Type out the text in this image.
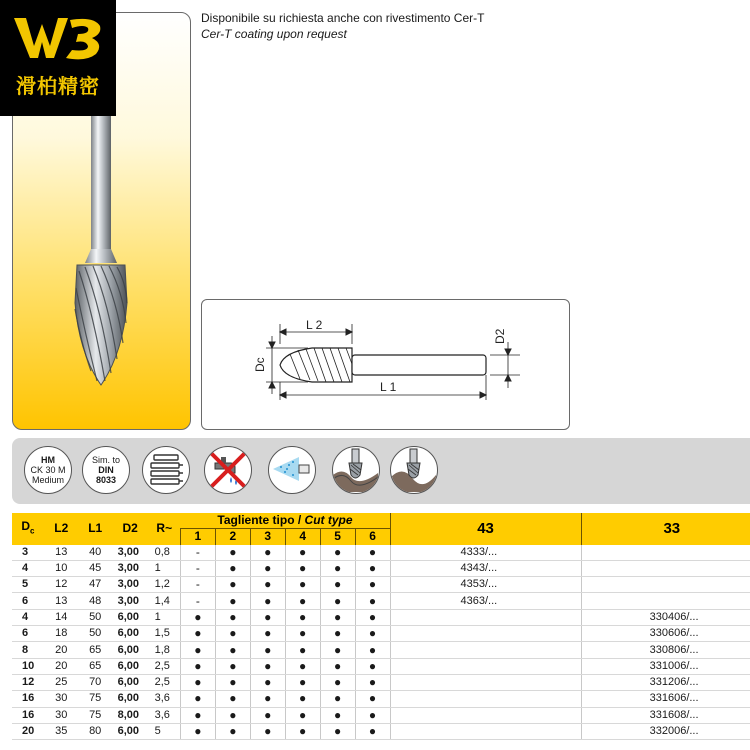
滑柏精密
Disponibile su richiesta anche con rivestimento Cer-T
Cer-T coating upon request
L 2
L 1
Dc
D2
HM
CK 30 M
Medium
Sim. to
DIN
8033
$D_c$	L2	L1	D2	R~	Tagliente tipo / Cut type						43	33
					1	2	3	4	5	6		
3	13	40	3,00	0,8	-	●	●	●	●	●	4333/...	
4	10	45	3,00	1	-	●	●	●	●	●	4343/...	
5	12	47	3,00	1,2	-	●	●	●	●	●	4353/...	
6	13	48	3,00	1,4	-	●	●	●	●	●	4363/...	
4	14	50	6,00	1	●	●	●	●	●	●		330406/...
6	18	50	6,00	1,5	●	●	●	●	●	●		330606/...
8	20	65	6,00	1,8	●	●	●	●	●	●		330806/...
10	20	65	6,00	2,5	●	●	●	●	●	●		331006/...
12	25	70	6,00	2,5	●	●	●	●	●	●		331206/...
16	30	75	6,00	3,6	●	●	●	●	●	●		331606/...
16	30	75	8,00	3,6	●	●	●	●	●	●		331608/...
20	35	80	6,00	5	●	●	●	●	●	●		332006/...
